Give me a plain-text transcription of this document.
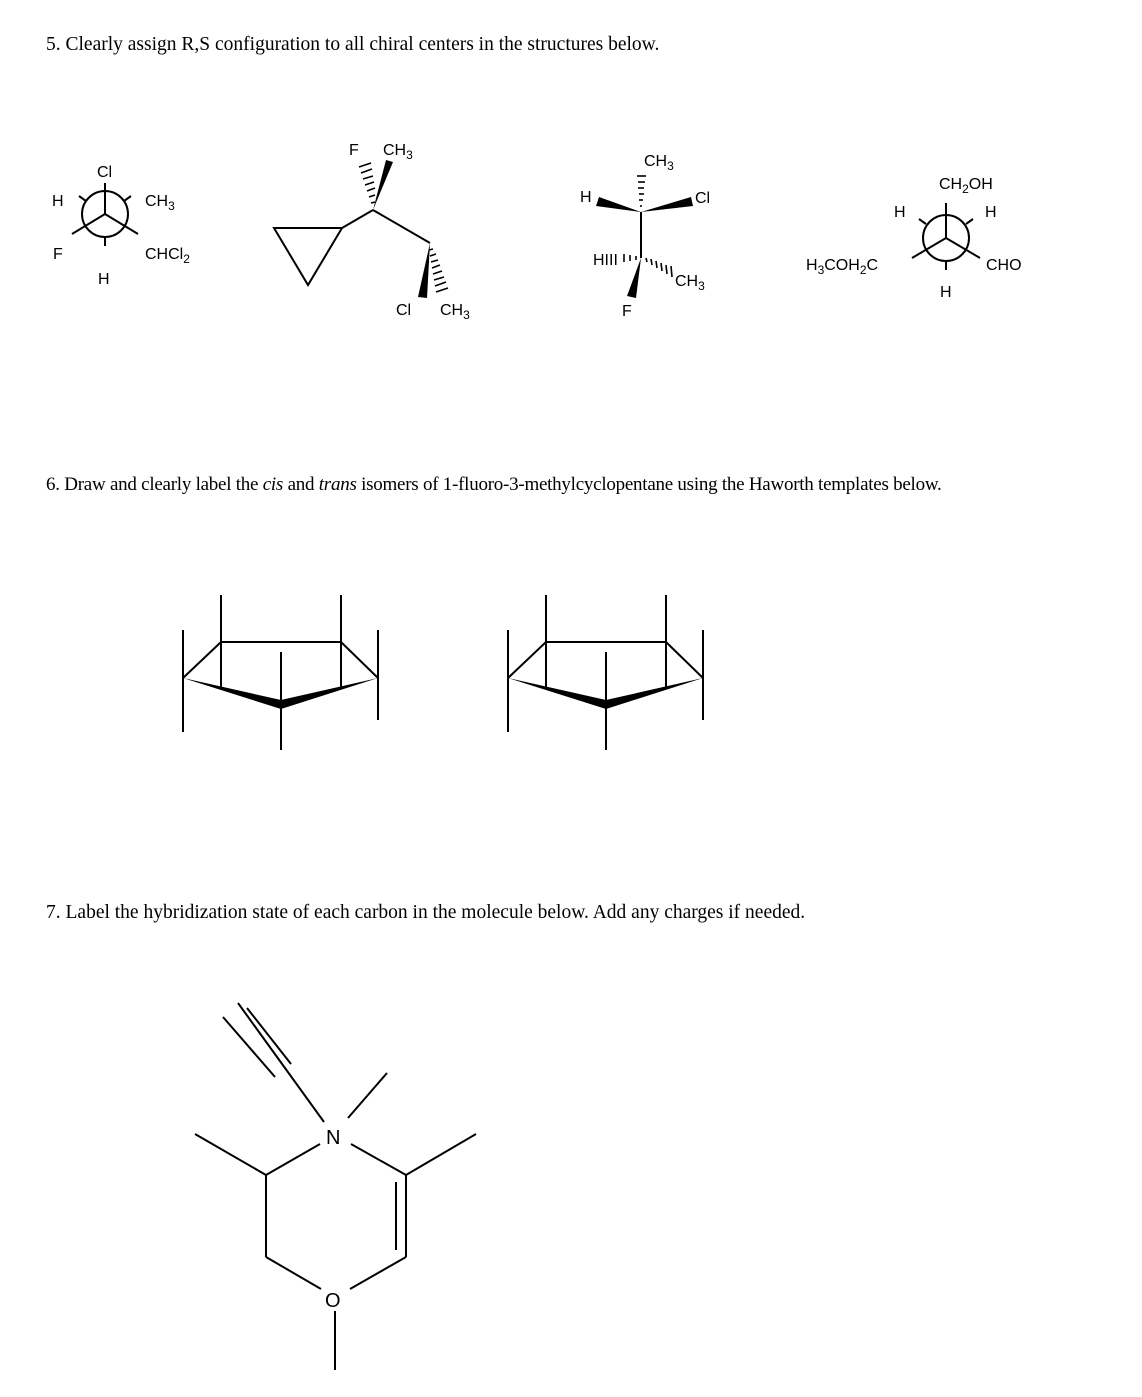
5. Clearly assign R,S configuration to all chiral centers in the structures below.
6. Draw and clearly label the cis and trans isomers of 1-fluoro-3-methylcyclopentane using the Haworth templates below.
7. Label the hybridization state of each carbon in the molecule below. Add any charges if needed.
Cl
H	$CH_3$
F	CHCl$_2$
H
F $CH_3$
Cl $CH_3$
$CH_3$
H	Cl
HIII
$CH_3$
F
$CH_2OH$
H	H
$H_3COH_2C$	CHO
H
N
O
